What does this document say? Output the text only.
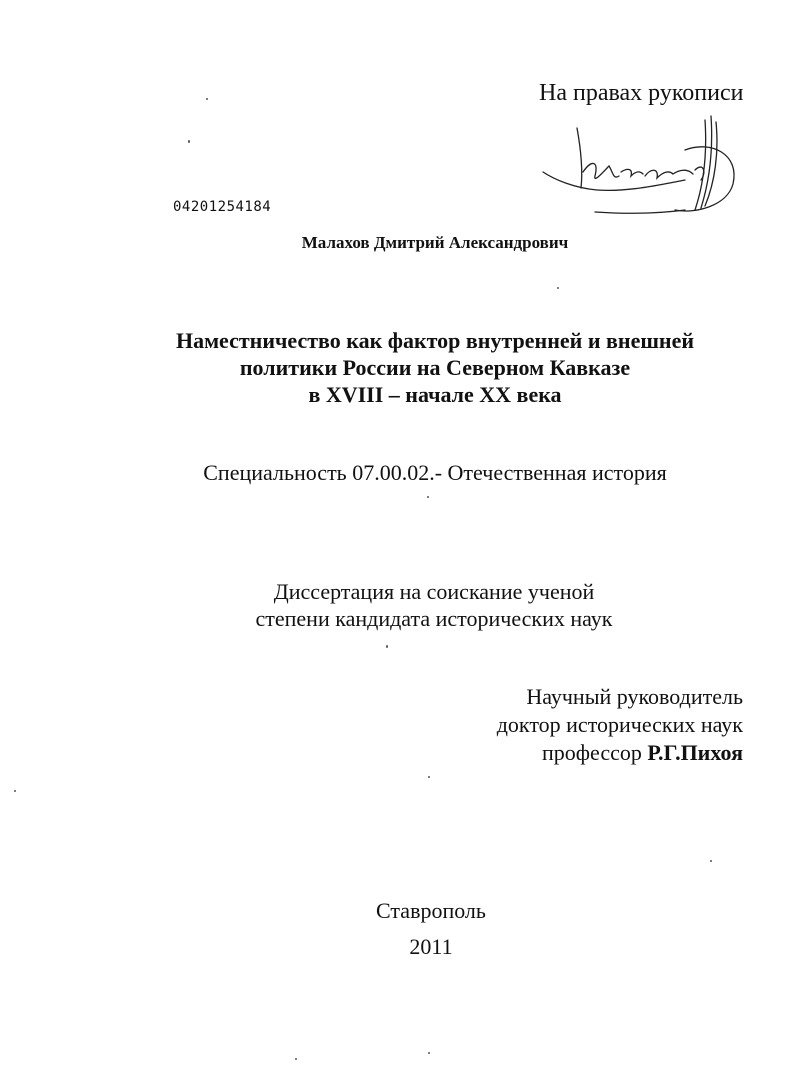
На правах рукописи
04201254184
Малахов Дмитрий Александрович
Наместничество как фактор внутренней и внешней
политики России на Северном Кавказе
в XVIII – начале XX века
Специальность 07.00.02.- Отечественная история
Диссертация на соискание ученой
степени кандидата исторических наук
Научный руководитель
доктор исторических наук
профессор Р.Г.Пихоя
Ставрополь
2011
